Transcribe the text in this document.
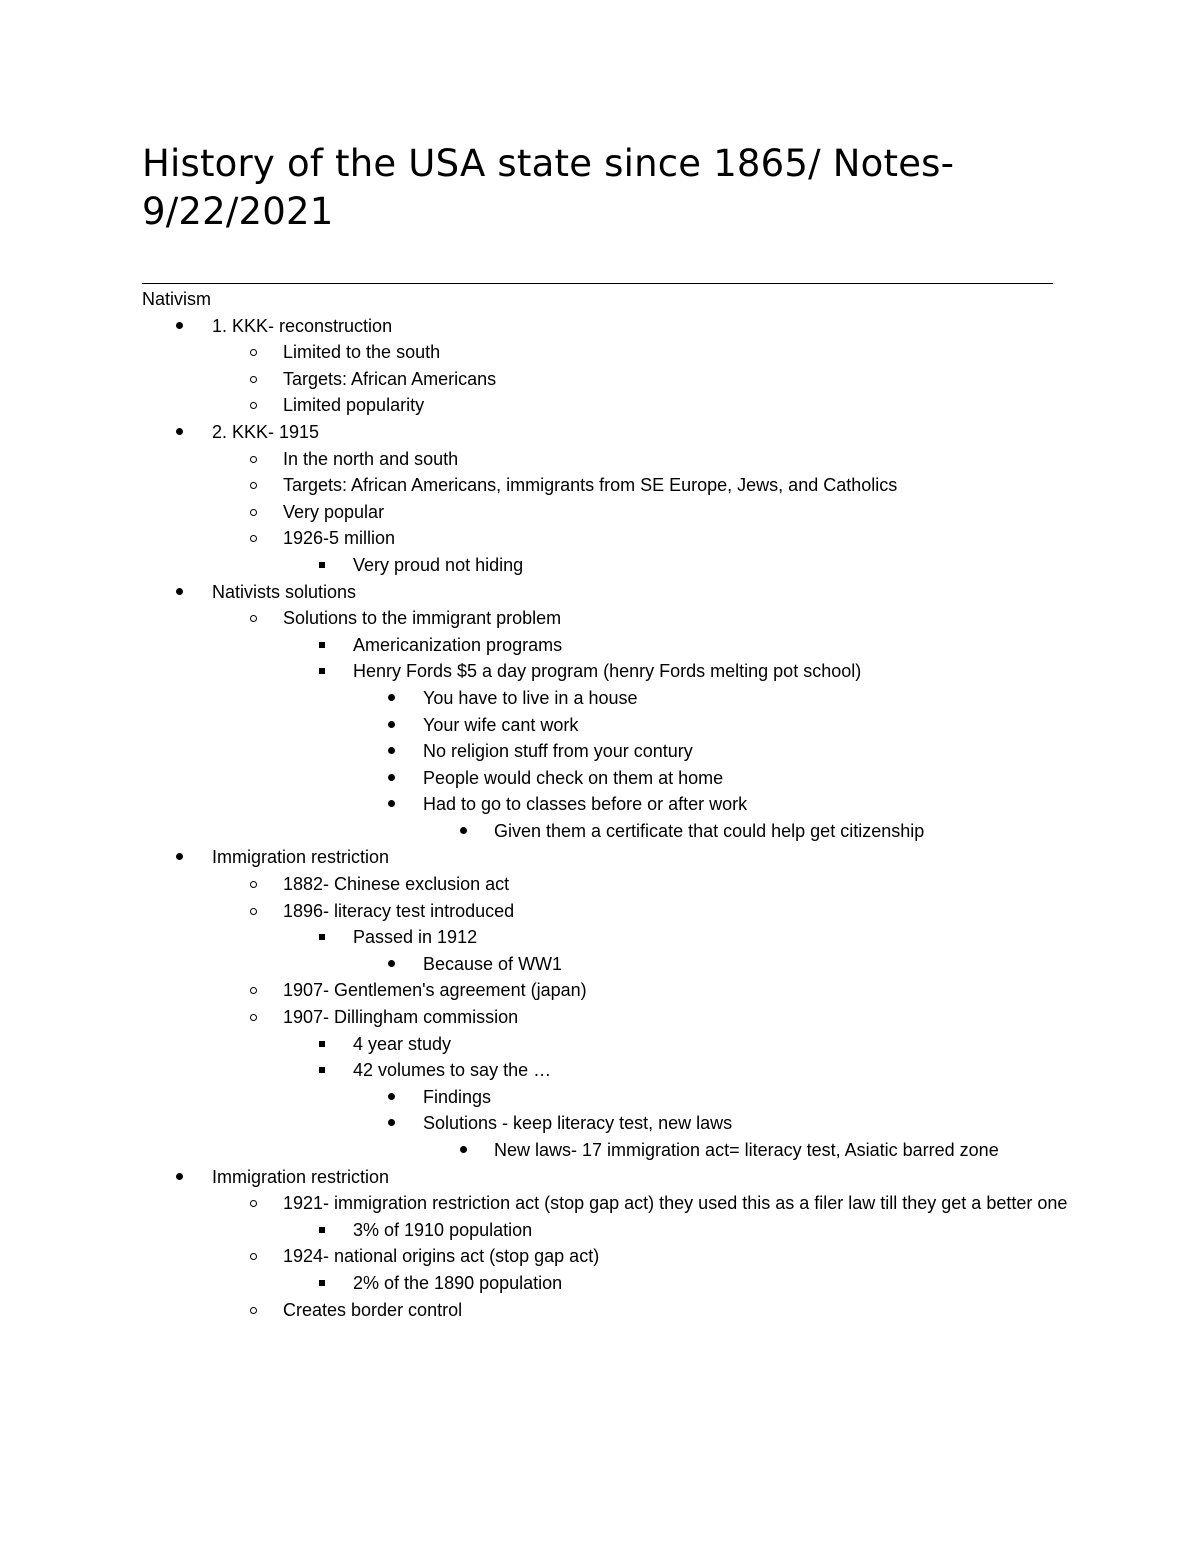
History of the USA state since 1865/ Notes-9/22/2021
Nativism
1. KKK- reconstruction
Limited to the south
Targets: African Americans
Limited popularity
2. KKK- 1915
In the north and south
Targets: African Americans, immigrants from SE Europe, Jews, and Catholics
Very popular
1926-5 million
Very proud not hiding
Nativists solutions
Solutions to the immigrant problem
Americanization programs
Henry Fords $5 a day program (henry Fords melting pot school)
You have to live in a house
Your wife cant work
No religion stuff from your contury
People would check on them at home
Had to go to classes before or after work
Given them a certificate that could help get citizenship
Immigration restriction
1882- Chinese exclusion act
1896- literacy test introduced
Passed in 1912
Because of WW1
1907- Gentlemen's agreement (japan)
1907- Dillingham commission
4 year study
42 volumes to say the …
Findings
Solutions - keep literacy test, new laws
New laws- 17 immigration act= literacy test, Asiatic barred zone
Immigration restriction
1921- immigration restriction act (stop gap act) they used this as a filer law till they get a better one
3% of 1910 population
1924- national origins act (stop gap act)
2% of the 1890 population
Creates border control
